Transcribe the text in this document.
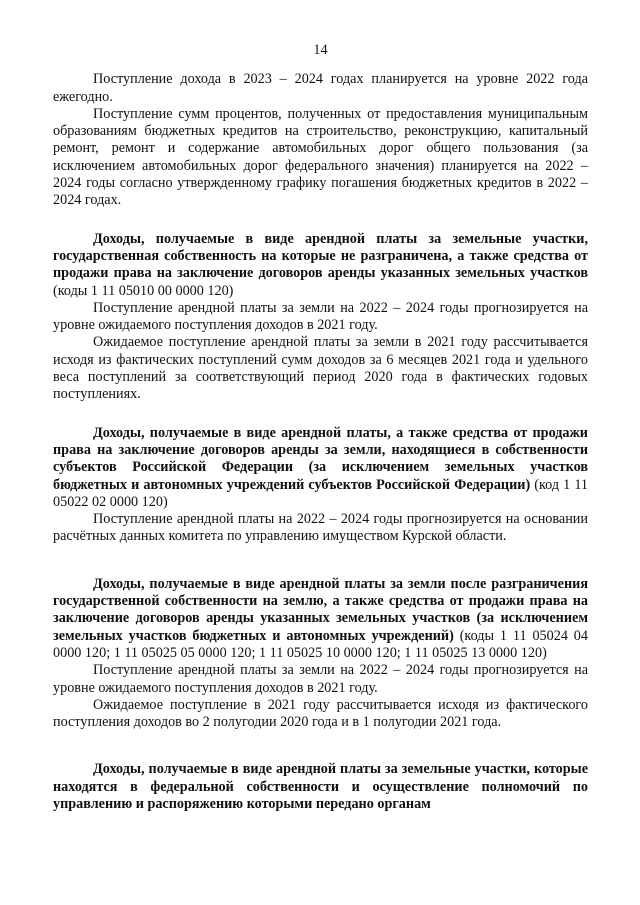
14

Поступление дохода в 2023 – 2024 годах планируется на уровне 2022 года ежегодно.

Поступление сумм процентов, полученных от предоставления муниципальным образованиям бюджетных кредитов на строительство, реконструкцию, капитальный ремонт, ремонт и содержание автомобильных дорог общего пользования (за исключением автомобильных дорог федерального значения) планируется на 2022 – 2024 годы согласно утвержденному графику погашения бюджетных кредитов в 2022 – 2024 годах.

Доходы, получаемые в виде арендной платы за земельные участки, государственная собственность на которые не разграничена, а также средства от продажи права на заключение договоров аренды указанных земельных участков (коды 1 11 05010 00 0000 120)

Поступление арендной платы за земли на 2022 – 2024 годы прогнозируется на уровне ожидаемого поступления доходов в 2021 году.

Ожидаемое поступление арендной платы за земли в 2021 году рассчитывается исходя из фактических поступлений сумм доходов за 6 месяцев 2021 года и удельного веса поступлений за соответствующий период 2020 года в фактических годовых поступлениях.

Доходы, получаемые в виде арендной платы, а также средства от продажи права на заключение договоров аренды за земли, находящиеся в собственности субъектов Российской Федерации (за исключением земельных участков бюджетных и автономных учреждений субъектов Российской Федерации) (код 1 11 05022 02 0000 120)

Поступление арендной платы на 2022 – 2024 годы прогнозируется на основании расчётных данных комитета по управлению имуществом Курской области.

Доходы, получаемые в виде арендной платы за земли после разграничения государственной собственности на землю, а также средства от продажи права на заключение договоров аренды указанных земельных участков (за исключением земельных участков бюджетных и автономных учреждений) (коды 1 11 05024 04 0000 120; 1 11 05025 05 0000 120; 1 11 05025 10 0000 120; 1 11 05025 13 0000 120)

Поступление арендной платы за земли на 2022 – 2024 годы прогнозируется на уровне ожидаемого поступления доходов в 2021 году.

Ожидаемое поступление в 2021 году рассчитывается исходя из фактического поступления доходов во 2 полугодии 2020 года и в 1 полугодии 2021 года.

Доходы, получаемые в виде арендной платы за земельные участки, которые находятся в федеральной собственности и осуществление полномочий по управлению и распоряжению которыми передано органам
